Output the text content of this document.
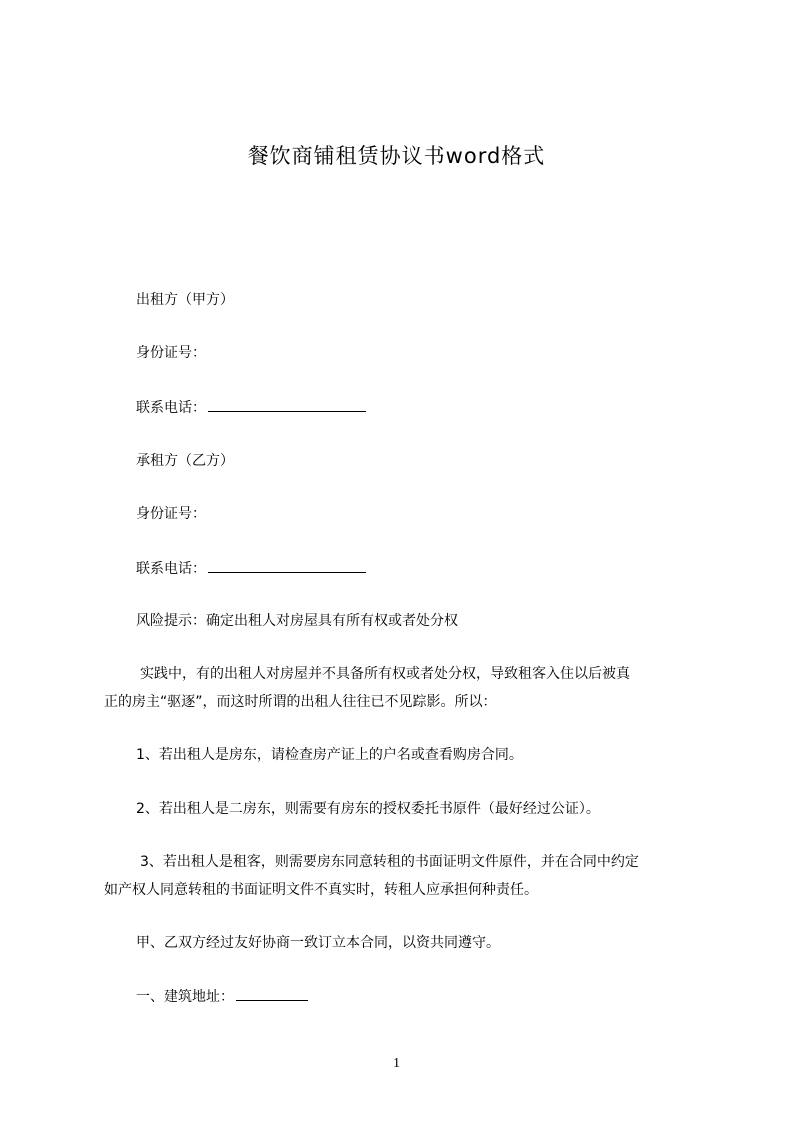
餐饮商铺租赁协议书word格式
出租方（甲方）
身份证号：
联系电话：
承租方（乙方）
身份证号：
联系电话：
风险提示：确定出租人对房屋具有所有权或者处分权
实践中，有的出租人对房屋并不具备所有权或者处分权，导致租客入住以后被真
正的房主“驱逐”，而这时所谓的出租人往往已不见踪影。所以：
1、若出租人是房东，请检查房产证上的户名或查看购房合同。
2、若出租人是二房东，则需要有房东的授权委托书原件（最好经过公证）。
3、若出租人是租客，则需要房东同意转租的书面证明文件原件，并在合同中约定
如产权人同意转租的书面证明文件不真实时，转租人应承担何种责任。
甲、乙双方经过友好协商一致订立本合同，以资共同遵守。
一、建筑地址：
1
